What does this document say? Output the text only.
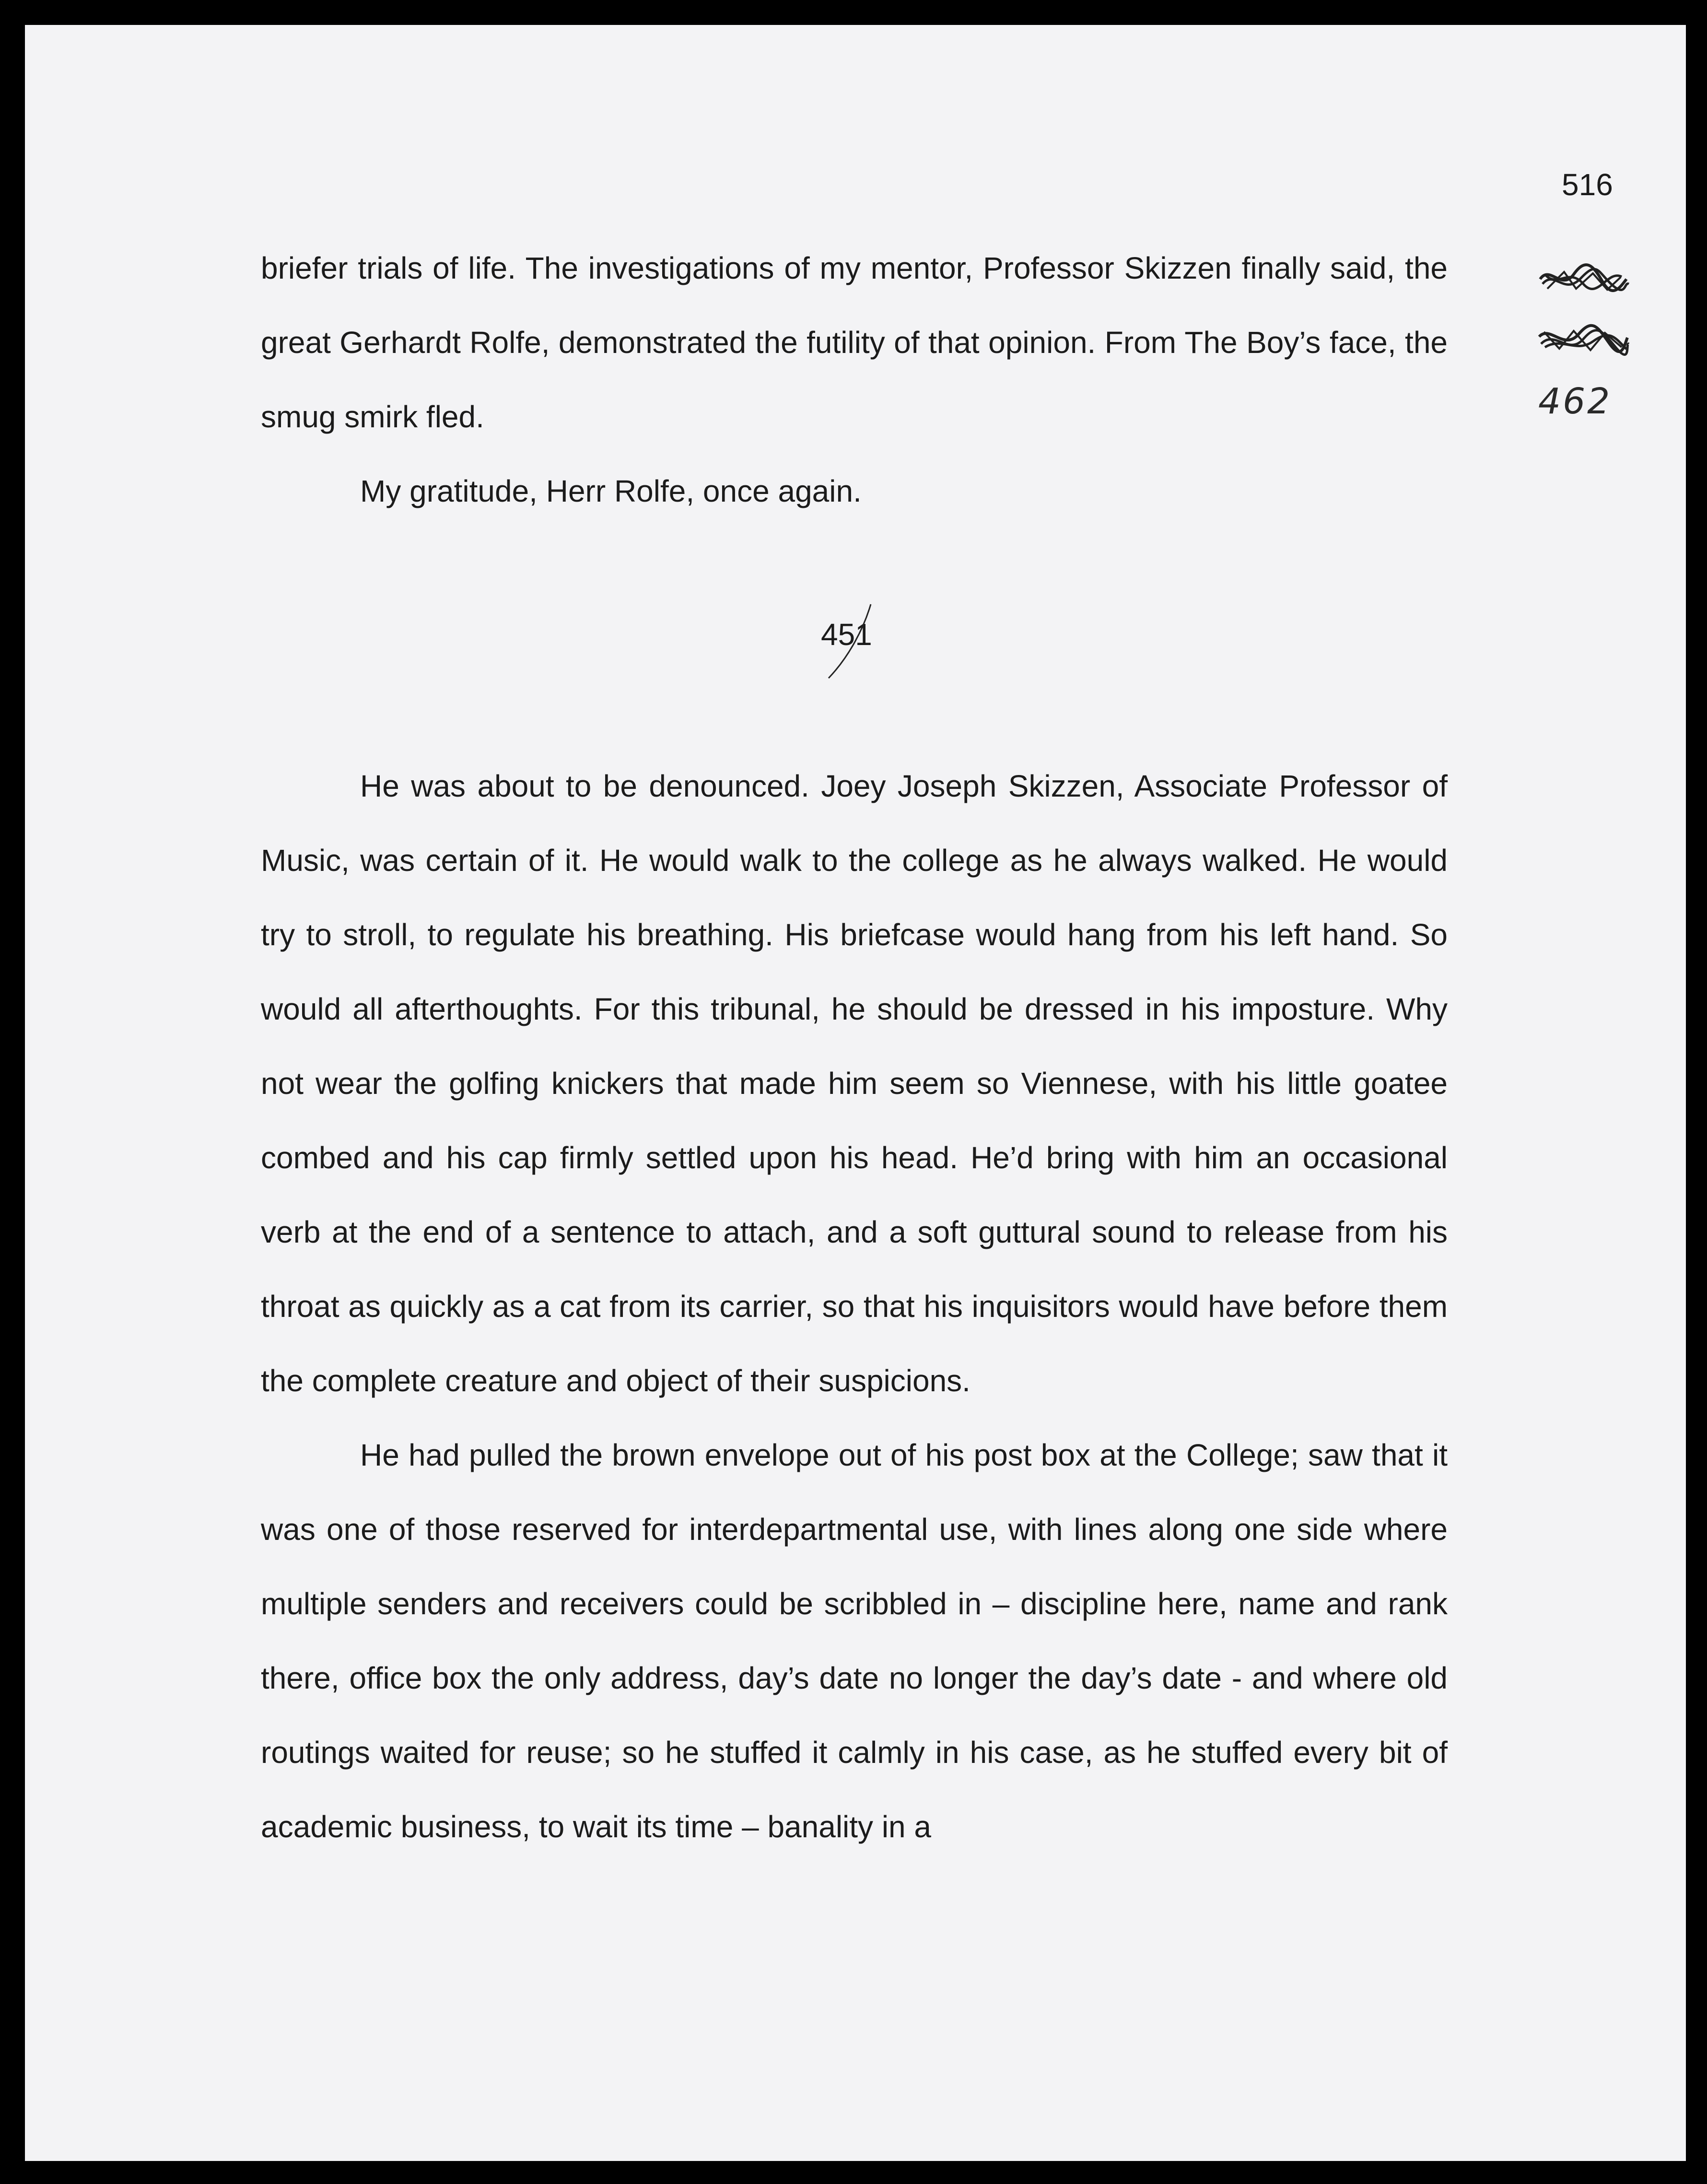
516

462

briefer trials of life. The investigations of my mentor, Professor Skizzen finally said, the great Gerhardt Rolfe, demonstrated the futility of that opinion. From The Boy’s face, the smug smirk fled.

My gratitude, Herr Rolfe, once again.

451

He was about to be denounced. Joey Joseph Skizzen, Associate Professor of Music, was certain of it. He would walk to the college as he always walked. He would try to stroll, to regulate his breathing. His briefcase would hang from his left hand. So would all afterthoughts. For this tribunal, he should be dressed in his imposture. Why not wear the golfing knickers that made him seem so Viennese, with his little goatee combed and his cap firmly settled upon his head. He’d bring with him an occasional verb at the end of a sentence to attach, and a soft guttural sound to release from his throat as quickly as a cat from its carrier, so that his inquisitors would have before them the complete creature and object of their suspicions.

He had pulled the brown envelope out of his post box at the College; saw that it was one of those reserved for interdepartmental use, with lines along one side where multiple senders and receivers could be scribbled in – discipline here, name and rank there, office box the only address, day’s date no longer the day’s date - and where old routings waited for reuse; so he stuffed it calmly in his case, as he stuffed every bit of academic business, to wait its time – banality in a
